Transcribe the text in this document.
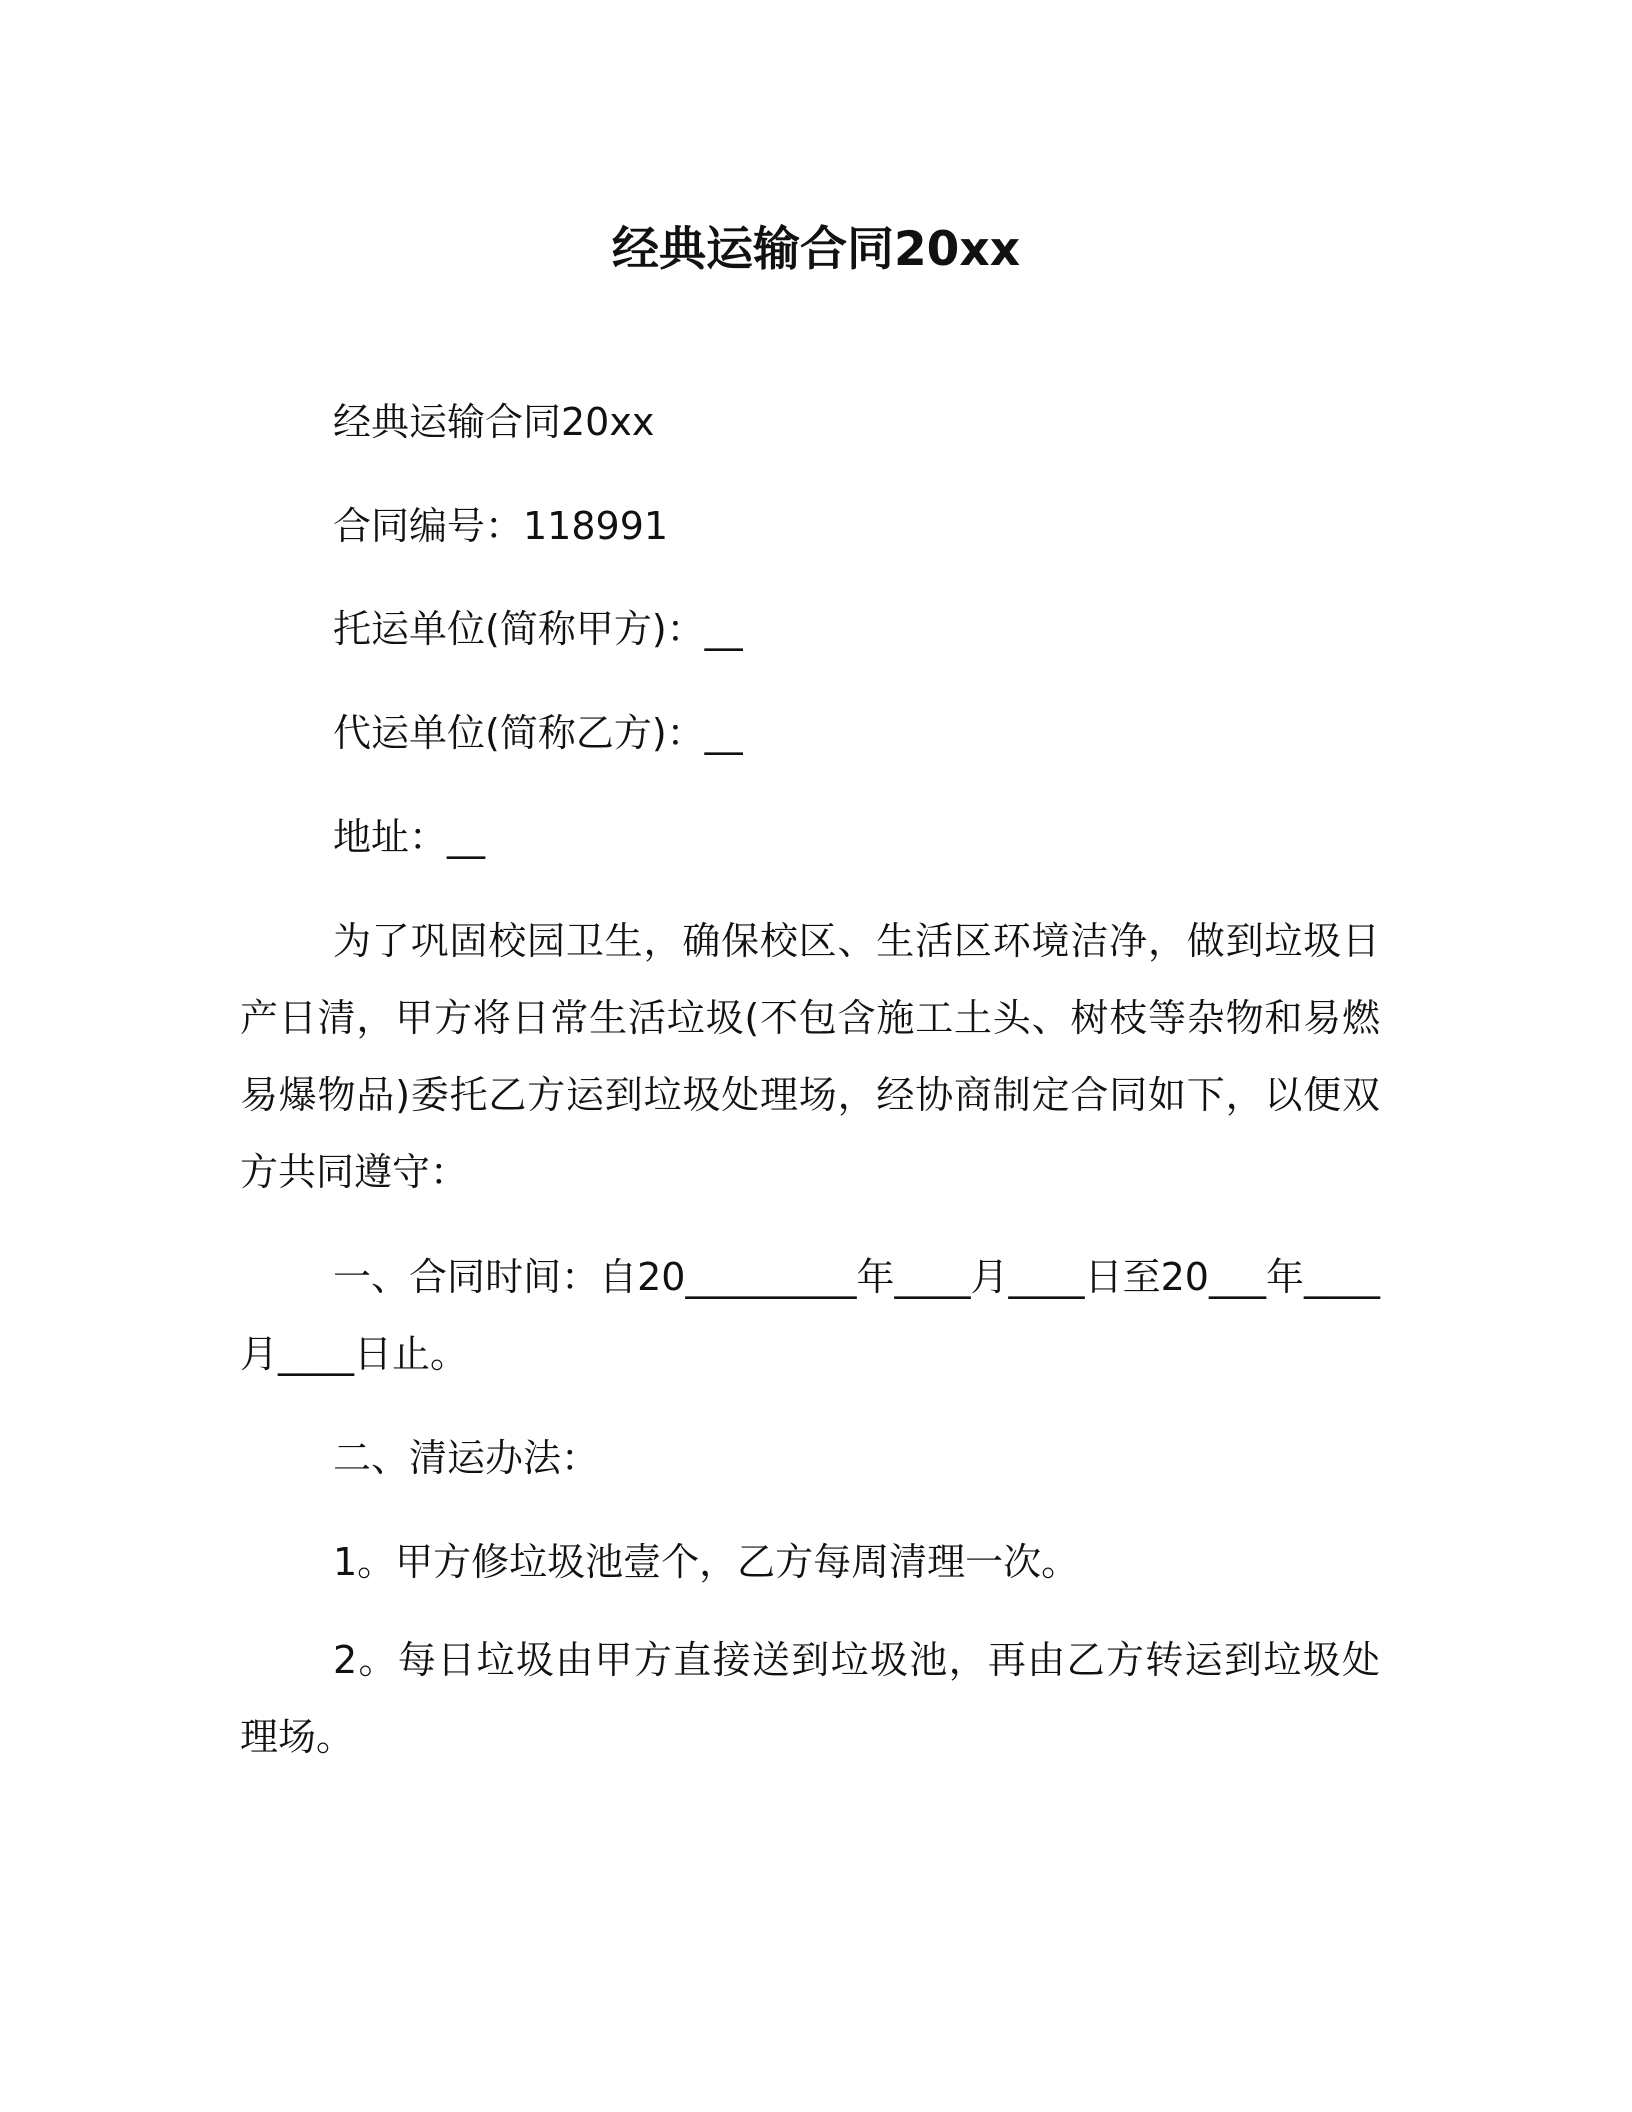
经典运输合同20xx
经典运输合同20xx
合同编号：118991
托运单位(简称甲方)：__
代运单位(简称乙方)：__
地址：__
为了巩固校园卫生，确保校区、生活区环境洁净，做到垃圾日产日清，甲方将日常生活垃圾(不包含施工土头、树枝等杂物和易燃易爆物品)委托乙方运到垃圾处理场，经协商制定合同如下，以便双方共同遵守：
一、合同时间：自20_________年____月____日至20___年____月____日止。
二、清运办法：
1。甲方修垃圾池壹个，乙方每周清理一次。
2。每日垃圾由甲方直接送到垃圾池，再由乙方转运到垃圾处理场。
